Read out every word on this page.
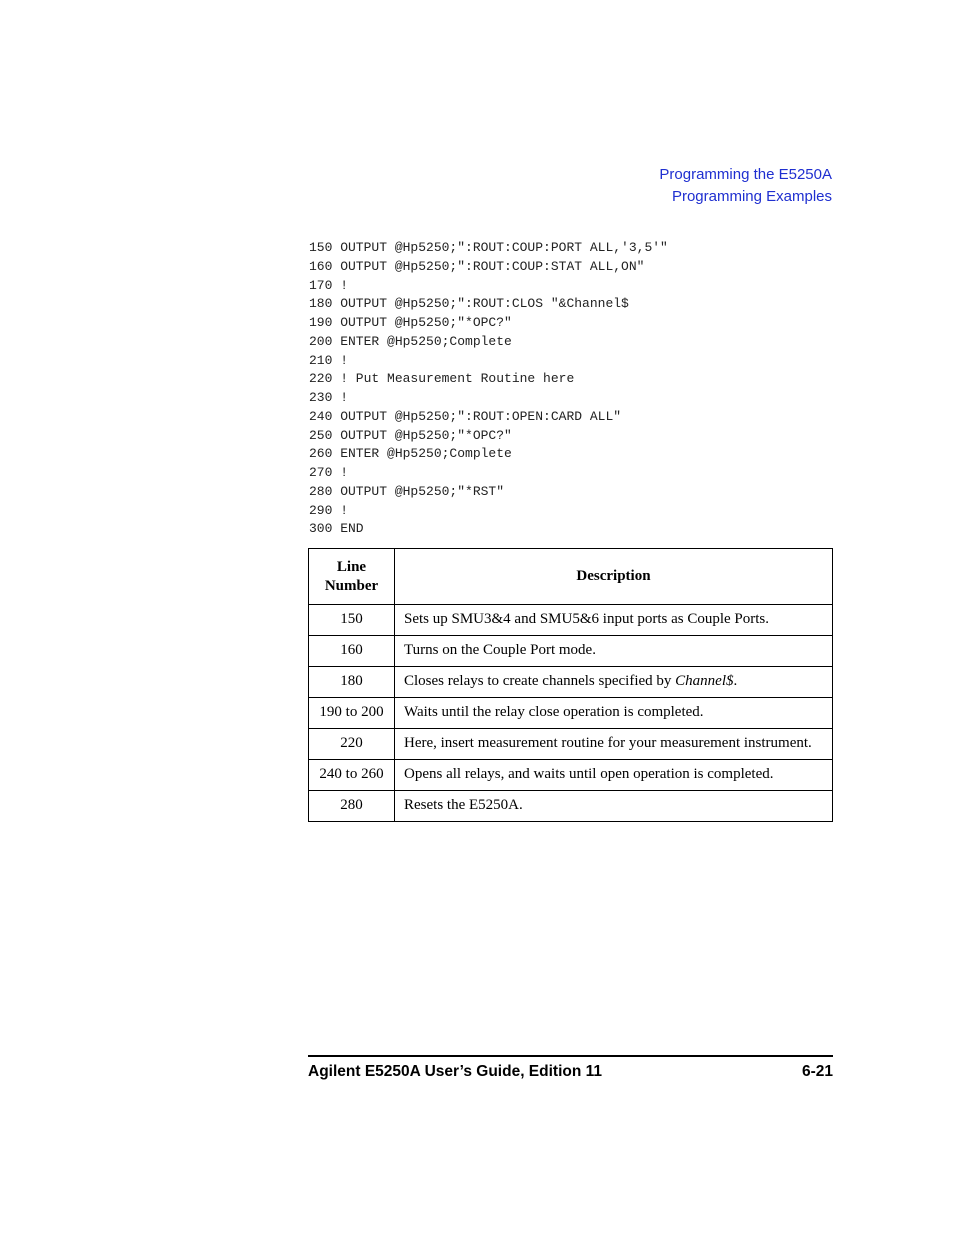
Programming the E5250A
Programming Examples
150 OUTPUT @Hp5250;":ROUT:COUP:PORT ALL,'3,5'"
160 OUTPUT @Hp5250;":ROUT:COUP:STAT ALL,ON"
170 !
180 OUTPUT @Hp5250;":ROUT:CLOS "&Channel$
190 OUTPUT @Hp5250;"*OPC?"
200 ENTER @Hp5250;Complete
210 !
220 ! Put Measurement Routine here
230 !
240 OUTPUT @Hp5250;":ROUT:OPEN:CARD ALL"
250 OUTPUT @Hp5250;"*OPC?"
260 ENTER @Hp5250;Complete
270 !
280 OUTPUT @Hp5250;"*RST"
290 !
300 END
Line
Number	Description
150	Sets up SMU3&4 and SMU5&6 input ports as Couple Ports.
160	Turns on the Couple Port mode.
180	Closes relays to create channels specified by Channel$.
190 to 200	Waits until the relay close operation is completed.
220	Here, insert measurement routine for your measurement instrument.
240 to 260	Opens all relays, and waits until open operation is completed.
280	Resets the E5250A.
Agilent E5250A User’s Guide, Edition 11	6-21
